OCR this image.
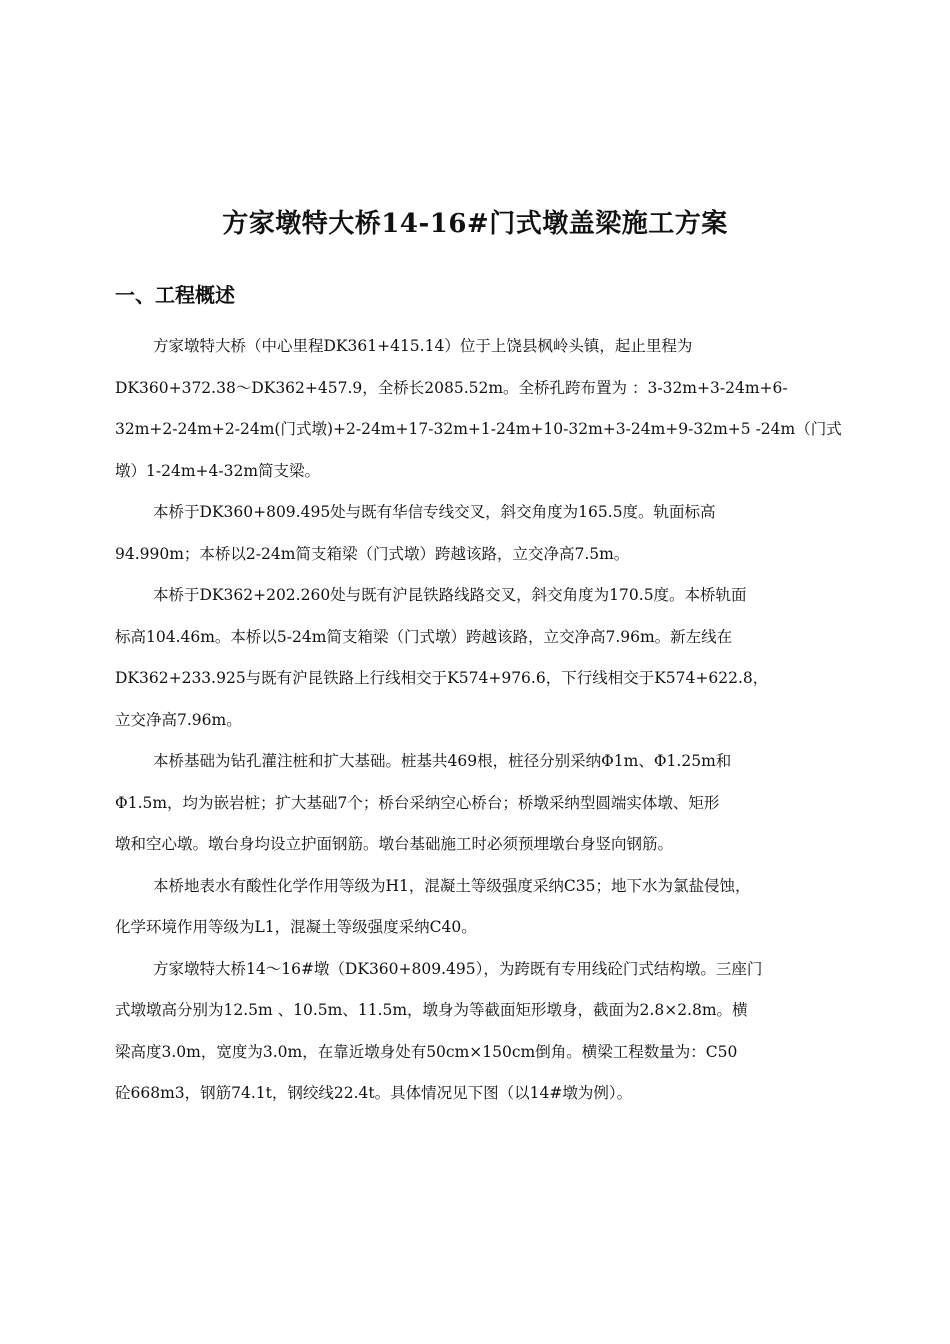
方家墩特大桥14-16#门式墩盖梁施工方案
一、工程概述

方家墩特大桥（中心里程DK361+415.14）位于上饶县枫岭头镇，起止里程为
DK360+372.38～DK362+457.9，全桥长2085.52m。全桥孔跨布置为 ：3-32m+3-24m+6-
32m+2-24m+2-24m(门式墩)+2-24m+17-32m+1-24m+10-32m+3-24m+9-32m+5 -24m（门式
墩）1-24m+4-32m简支梁。

本桥于DK360+809.495处与既有华信专线交叉，斜交角度为165.5度。轨面标高
94.990m；本桥以2-24m简支箱梁（门式墩）跨越该路，立交净高7.5m。

本桥于DK362+202.260处与既有沪昆铁路线路交叉，斜交角度为170.5度。本桥轨面
标高104.46m。本桥以5-24m简支箱梁（门式墩）跨越该路，立交净高7.96m。新左线在
DK362+233.925与既有沪昆铁路上行线相交于K574+976.6，下行线相交于K574+622.8，
立交净高7.96m。

本桥基础为钻孔灌注桩和扩大基础。桩基共469根，桩径分别采纳Φ1m、Φ1.25m和
Φ1.5m，均为嵌岩桩；扩大基础7个；桥台采纳空心桥台；桥墩采纳型圆端实体墩、矩形
墩和空心墩。墩台身均设立护面钢筋。墩台基础施工时必须预埋墩台身竖向钢筋。

本桥地表水有酸性化学作用等级为H1，混凝土等级强度采纳C35；地下水为氯盐侵蚀，
化学环境作用等级为L1，混凝土等级强度采纳C40。

方家墩特大桥14～16#墩（DK360+809.495），为跨既有专用线砼门式结构墩。三座门
式墩墩高分别为12.5m 、10.5m、11.5m，墩身为等截面矩形墩身，截面为2.8×2.8m。横
梁高度3.0m，宽度为3.0m，在靠近墩身处有50cm×150cm倒角。横梁工程数量为：C50
砼668m3，钢筋74.1t，钢绞线22.4t。具体情况见下图（以14#墩为例）。
